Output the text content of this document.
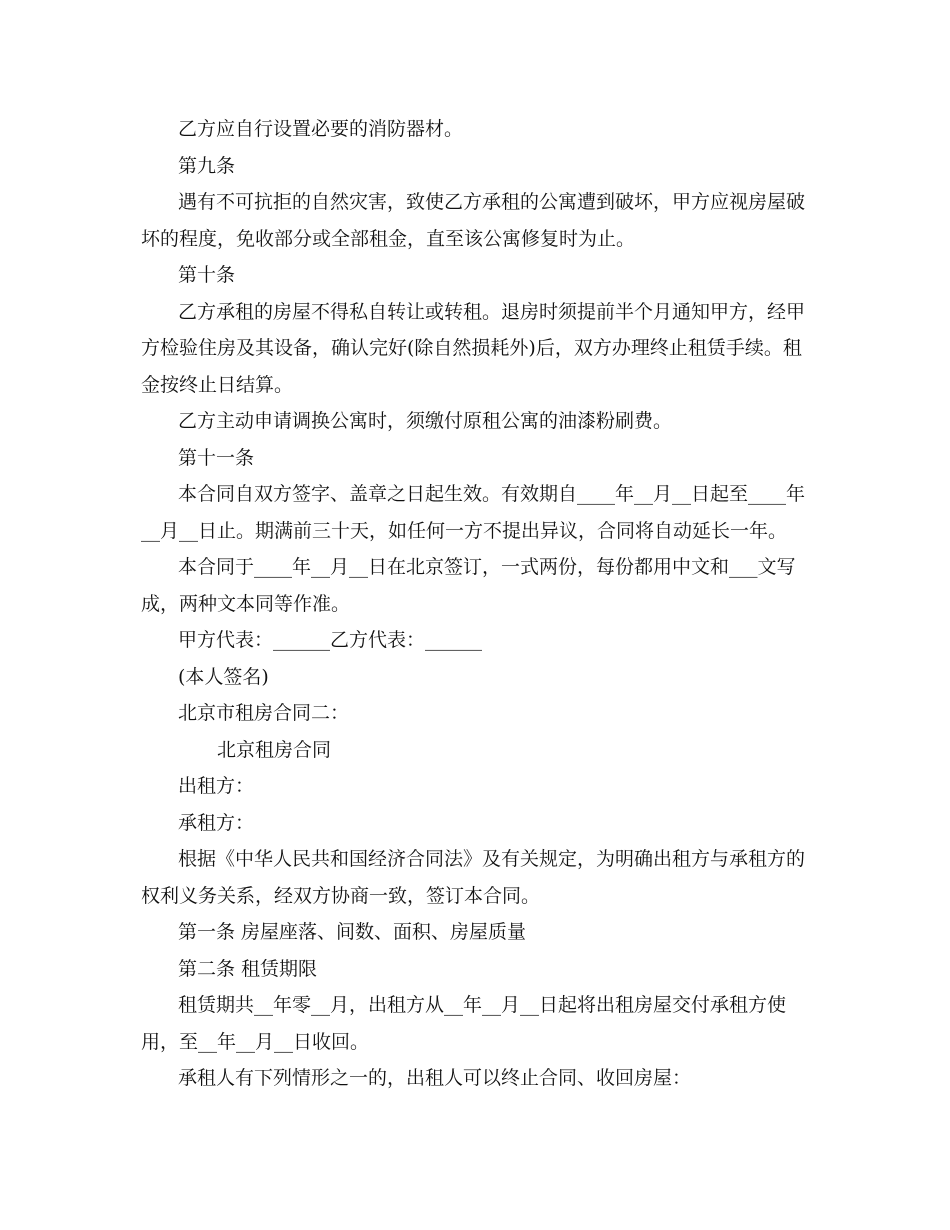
乙方应自行设置必要的消防器材。

第九条

遇有不可抗拒的自然灾害，致使乙方承租的公寓遭到破坏，甲方应视房屋破坏的程度，免收部分或全部租金，直至该公寓修复时为止。

第十条

乙方承租的房屋不得私自转让或转租。退房时须提前半个月通知甲方，经甲方检验住房及其设备，确认完好(除自然损耗外)后，双方办理终止租赁手续。租金按终止日结算。

乙方主动申请调换公寓时，须缴付原租公寓的油漆粉刷费。

第十一条

本合同自双方签字、盖章之日起生效。有效期自____年__月__日起至____年__月__日止。期满前三十天，如任何一方不提出异议，合同将自动延长一年。

本合同于____年__月__日在北京签订，一式两份，每份都用中文和___文写成，两种文本同等作准。

甲方代表：______乙方代表：______

(本人签名)

北京市租房合同二：

北京租房合同

出租方：

承租方：

根据《中华人民共和国经济合同法》及有关规定，为明确出租方与承租方的权利义务关系，经双方协商一致，签订本合同。

第一条 房屋座落、间数、面积、房屋质量

第二条 租赁期限

租赁期共__年零__月，出租方从__年__月__日起将出租房屋交付承租方使用，至__年__月__日收回。

承租人有下列情形之一的，出租人可以终止合同、收回房屋：
